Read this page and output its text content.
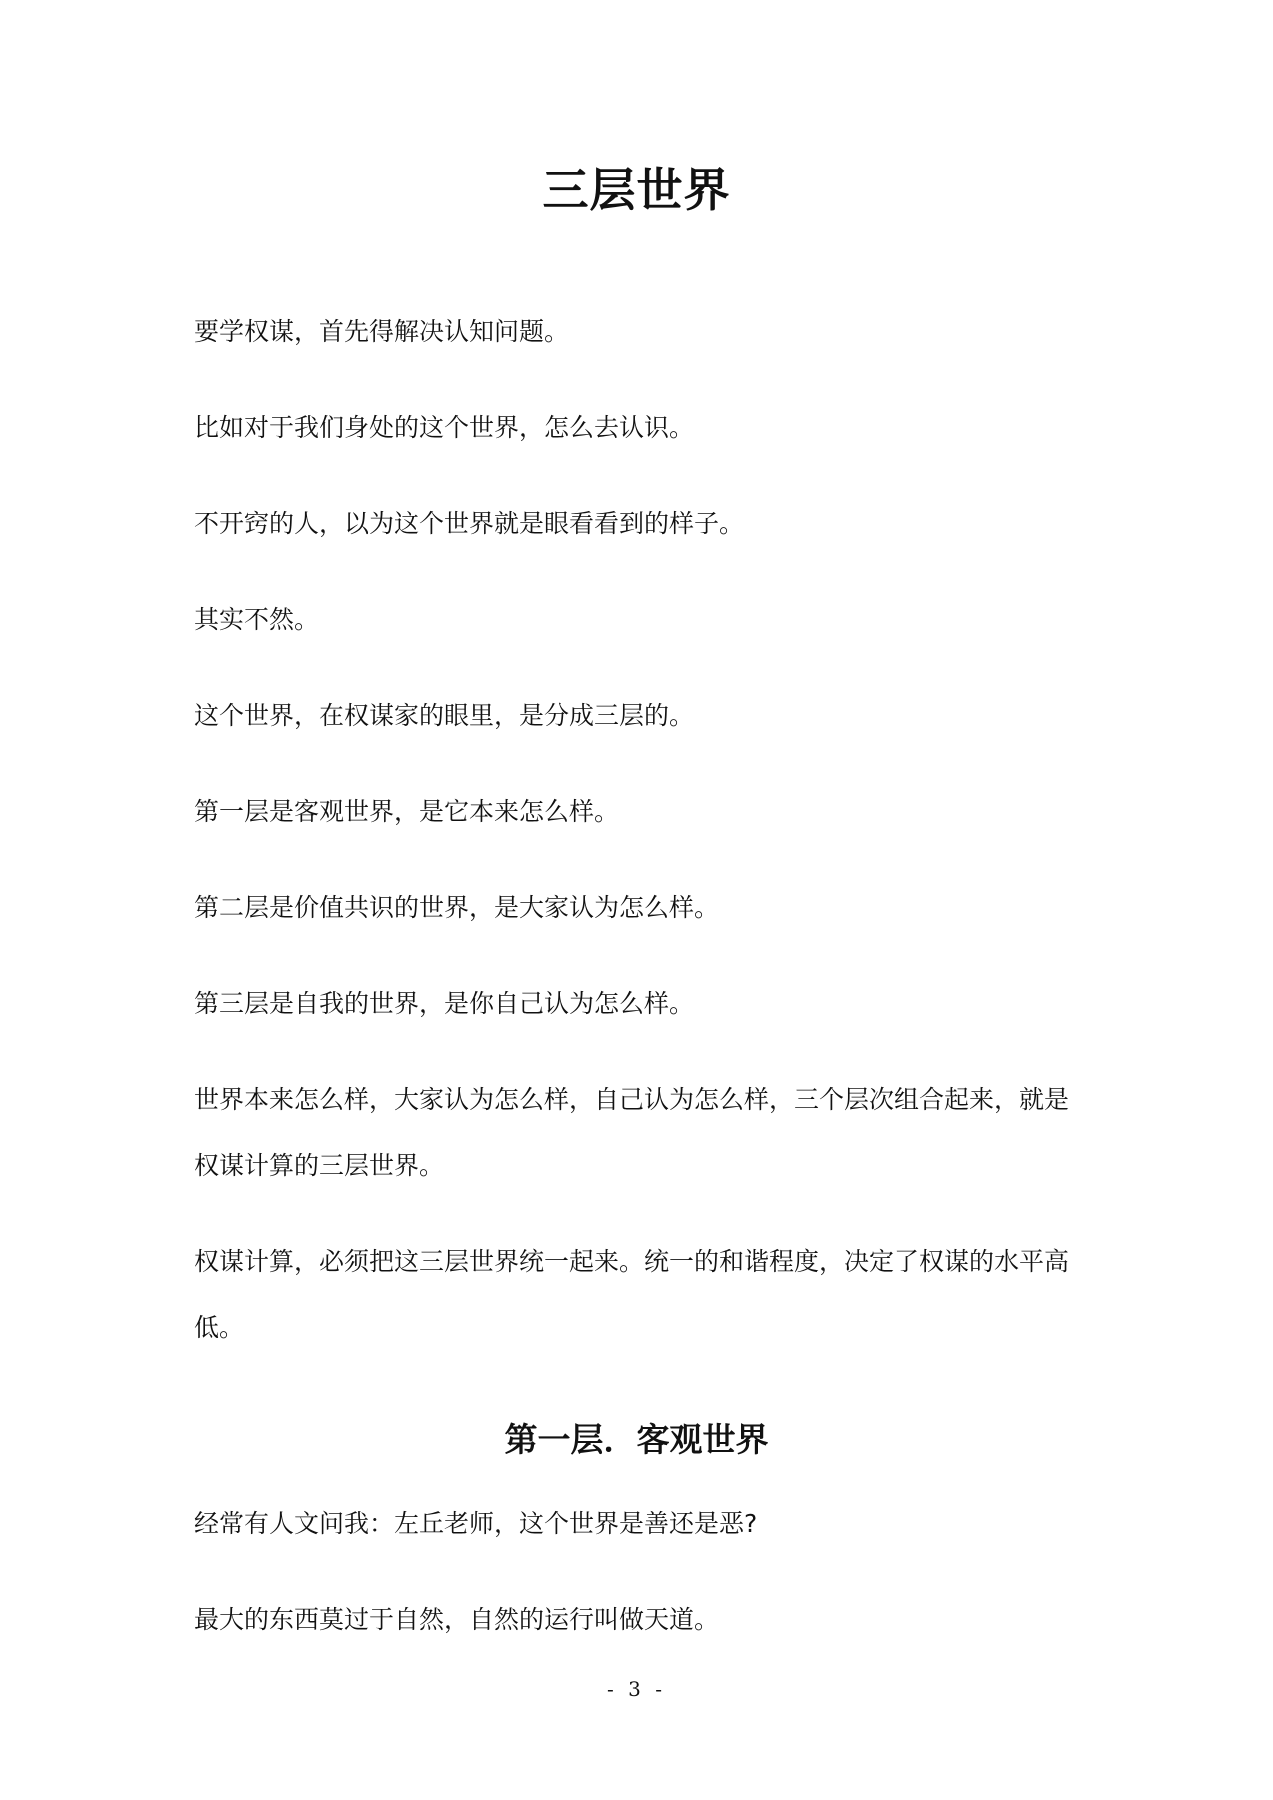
三层世界
要学权谋，首先得解决认知问题。
比如对于我们身处的这个世界，怎么去认识。
不开窍的人，以为这个世界就是眼看看到的样子。
其实不然。
这个世界，在权谋家的眼里，是分成三层的。
第一层是客观世界，是它本来怎么样。
第二层是价值共识的世界，是大家认为怎么样。
第三层是自我的世界，是你自己认为怎么样。
世界本来怎么样，大家认为怎么样，自己认为怎么样，三个层次组合起来，就是权谋计算的三层世界。
权谋计算，必须把这三层世界统一起来。统一的和谐程度，决定了权谋的水平高低。
第一层．客观世界
经常有人文问我：左丘老师，这个世界是善还是恶?
最大的东西莫过于自然，自然的运行叫做天道。
- 3 -
